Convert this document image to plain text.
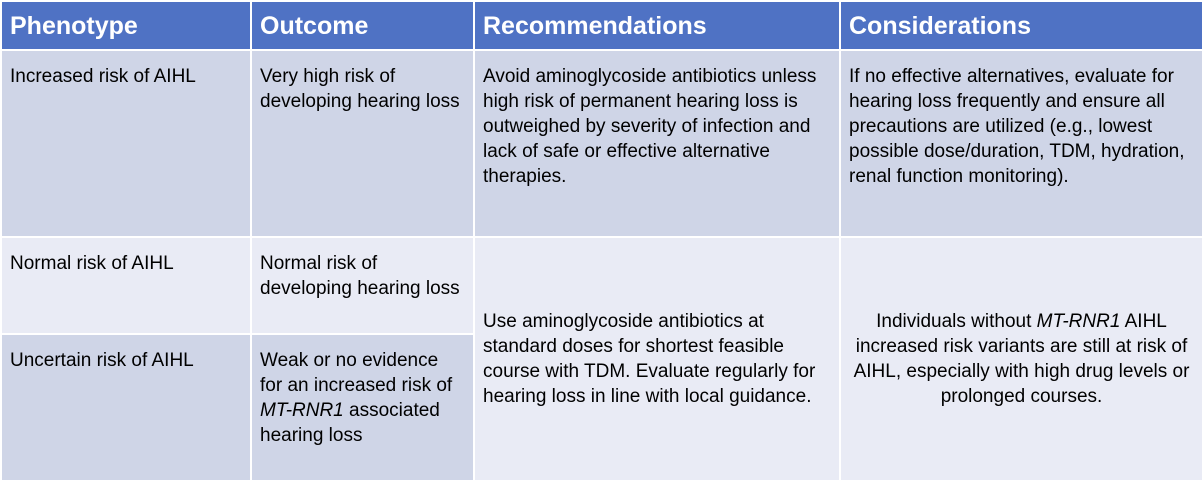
Phenotype	Outcome	Recommendations	Considerations
Increased risk of AIHL	Very high risk of developing hearing loss	Avoid aminoglycoside antibiotics unless high risk of permanent hearing loss is outweighed by severity of infection and lack of safe or effective alternative therapies.	If no effective alternatives, evaluate for hearing loss frequently and ensure all precautions are utilized (e.g., lowest possible dose/duration, TDM, hydration, renal function monitoring).
Normal risk of AIHL	Normal risk of developing hearing loss	Use aminoglycoside antibiotics at standard doses for shortest feasible course with TDM. Evaluate regularly for hearing loss in line with local guidance.	Individuals without MT-RNR1 AIHL increased risk variants are still at risk of AIHL, especially with high drug levels or prolonged courses.
Uncertain risk of AIHL	Weak or no evidence for an increased risk of MT-RNR1 associated hearing loss		
